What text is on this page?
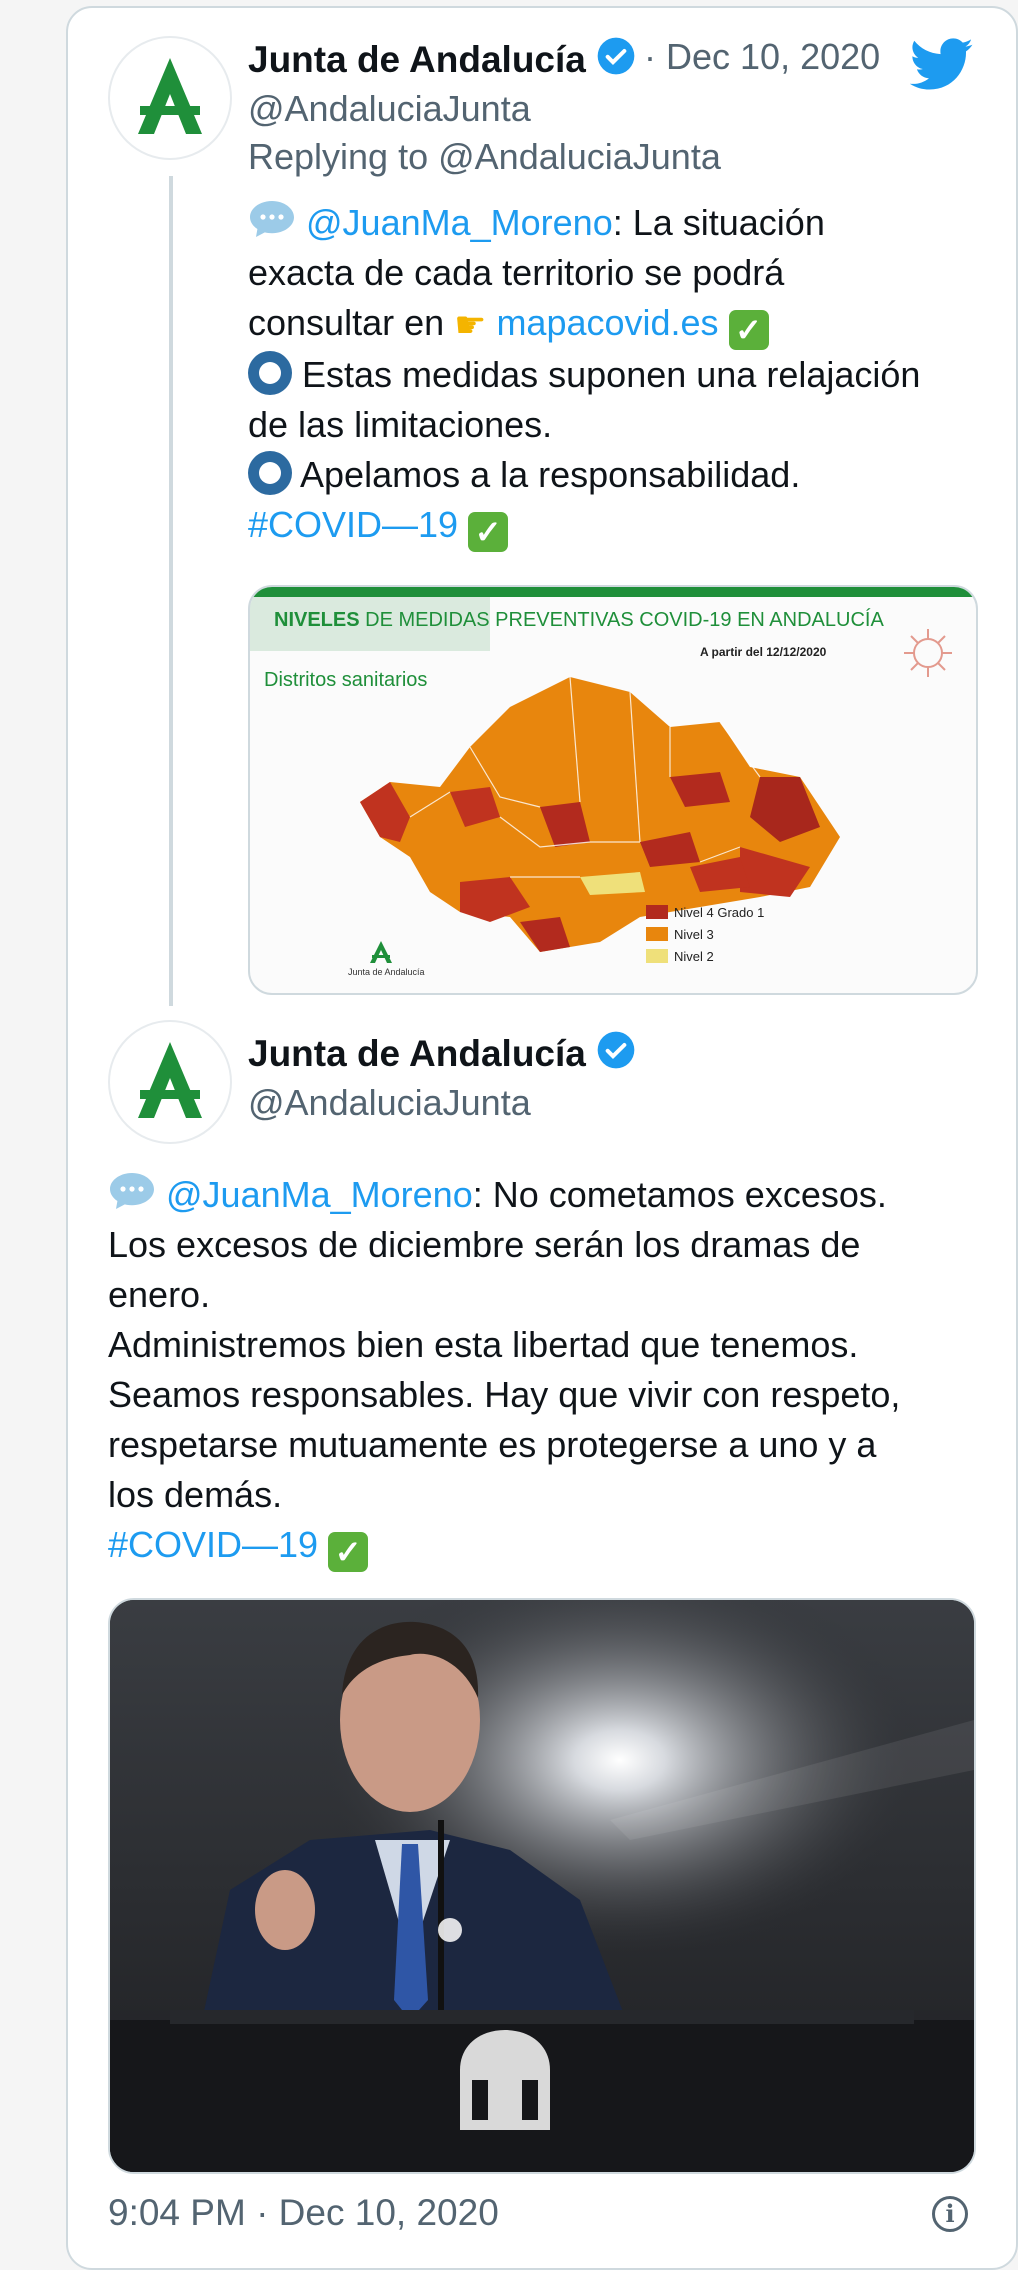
Junta de Andalucía	· Dec 10, 2020
@AndaluciaJunta
Replying to @AndaluciaJunta
@JuanMa_Moreno: La situación
exacta de cada territorio se podrá
consultar en ☛ mapacovid.es ✓
Estas medidas suponen una relajación
de las limitaciones.
Apelamos a la responsabilidad.
#COVID—19 ✓
NIVELES DE MEDIDAS PREVENTIVAS COVID-19 EN ANDALUCÍA
A partir del 12/12/2020
Distritos sanitarios
Nivel 4 Grado 1
Nivel 3
Nivel 2
Junta de Andalucía
Junta de Andalucía
@AndaluciaJunta
@JuanMa_Moreno: No cometamos excesos.
Los excesos de diciembre serán los dramas de
enero.
Administremos bien esta libertad que tenemos.
Seamos responsables. Hay que vivir con respeto,
respetarse mutuamente es protegerse a uno y a
los demás.
#COVID—19 ✓
9:04 PM · Dec 10, 2020	i
